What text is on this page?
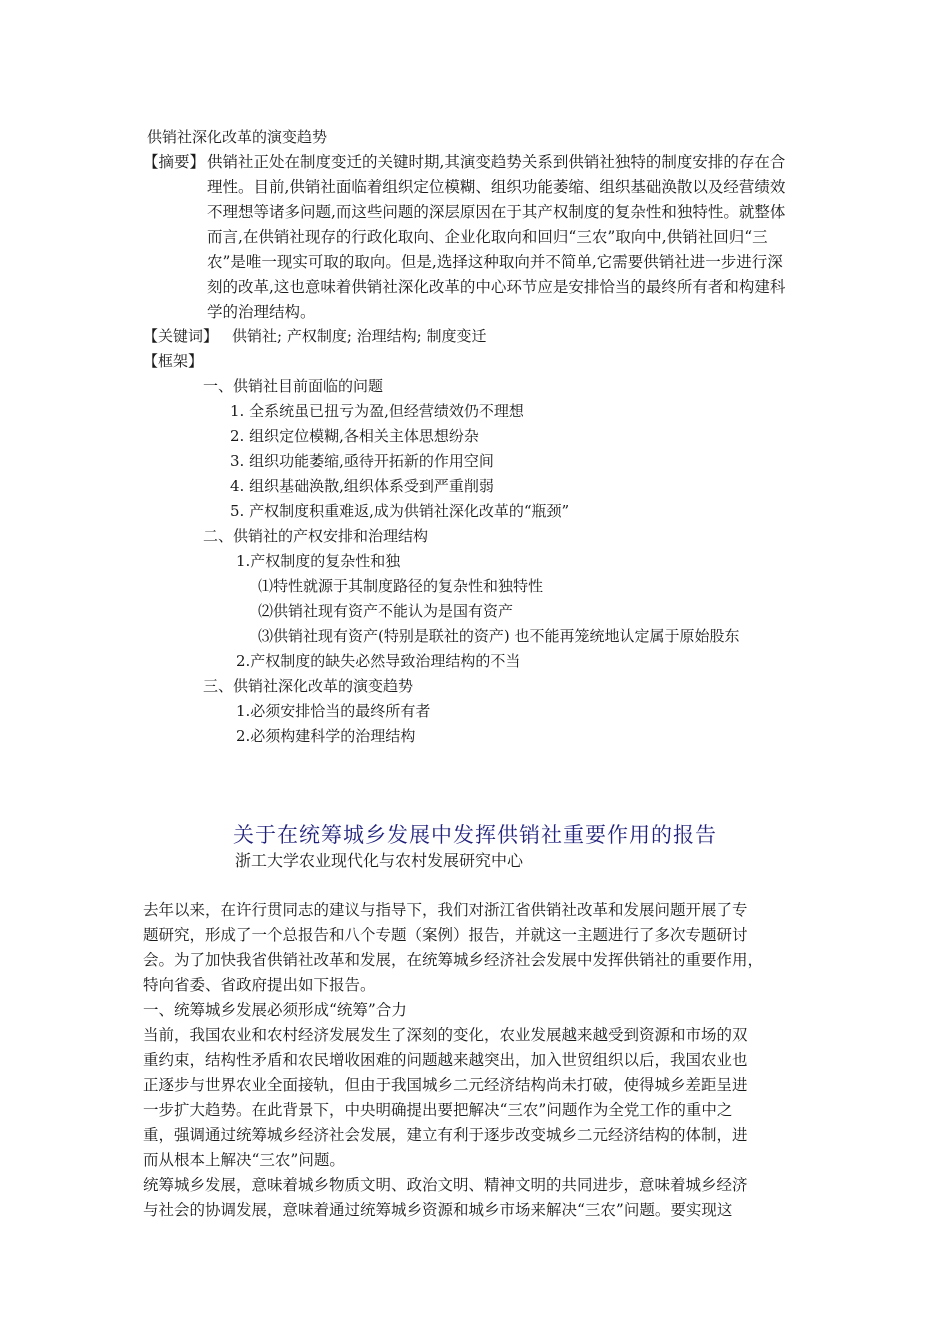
供销社深化改革的演变趋势
【摘要】 供销社正处在制度变迁的关键时期,其演变趋势关系到供销社独特的制度安排的存在合
理性。目前,供销社面临着组织定位模糊、组织功能萎缩、组织基础涣散以及经营绩效
不理想等诸多问题,而这些问题的深层原因在于其产权制度的复杂性和独特性。就整体
而言,在供销社现存的行政化取向、企业化取向和回归“三农”取向中,供销社回归“三
农”是唯一现实可取的取向。但是,选择这种取向并不简单,它需要供销社进一步进行深
刻的改革,这也意味着供销社深化改革的中心环节应是安排恰当的最终所有者和构建科
学的治理结构。
【关键词】 供销社; 产权制度; 治理结构; 制度变迁
【框架】
一、供销社目前面临的问题
1. 全系统虽已扭亏为盈,但经营绩效仍不理想
2. 组织定位模糊,各相关主体思想纷杂
3. 组织功能萎缩,亟待开拓新的作用空间
4. 组织基础涣散,组织体系受到严重削弱
5. 产权制度积重难返,成为供销社深化改革的“瓶颈”
二、供销社的产权安排和治理结构
1.产权制度的复杂性和独
⑴特性就源于其制度路径的复杂性和独特性
⑵供销社现有资产不能认为是国有资产
⑶供销社现有资产(特别是联社的资产) 也不能再笼统地认定属于原始股东
2.产权制度的缺失必然导致治理结构的不当
三、供销社深化改革的演变趋势
1.必须安排恰当的最终所有者
2.必须构建科学的治理结构
关于在统筹城乡发展中发挥供销社重要作用的报告
浙工大学农业现代化与农村发展研究中心
去年以来，在许行贯同志的建议与指导下，我们对浙江省供销社改革和发展问题开展了专
题研究，形成了一个总报告和八个专题（案例）报告，并就这一主题进行了多次专题研讨
会。为了加快我省供销社改革和发展，在统筹城乡经济社会发展中发挥供销社的重要作用，
特向省委、省政府提出如下报告。
一、统筹城乡发展必须形成“统筹”合力
当前，我国农业和农村经济发展发生了深刻的变化，农业发展越来越受到资源和市场的双
重约束，结构性矛盾和农民增收困难的问题越来越突出，加入世贸组织以后，我国农业也
正逐步与世界农业全面接轨，但由于我国城乡二元经济结构尚未打破，使得城乡差距呈进
一步扩大趋势。在此背景下，中央明确提出要把解决“三农”问题作为全党工作的重中之
重，强调通过统筹城乡经济社会发展，建立有利于逐步改变城乡二元经济结构的体制，进
而从根本上解决“三农”问题。
统筹城乡发展，意味着城乡物质文明、政治文明、精神文明的共同进步，意味着城乡经济
与社会的协调发展，意味着通过统筹城乡资源和城乡市场来解决“三农”问题。要实现这
